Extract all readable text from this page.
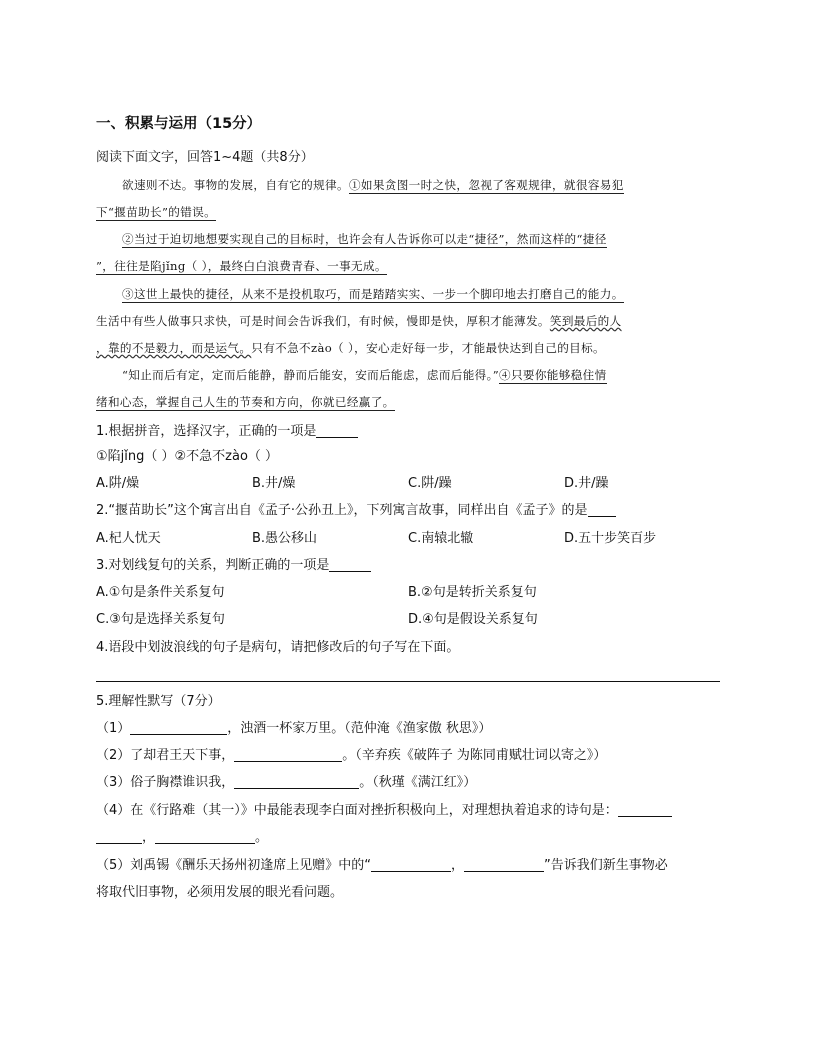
一、积累与运用（15分）
阅读下面文字，回答1~4题（共8分）
欲速则不达。事物的发展，自有它的规律。①如果贪图一时之快，忽视了客观规律，就很容易犯
下“揠苗助长”的错误。
②当过于迫切地想要实现自己的目标时，也许会有人告诉你可以走“捷径”，然而这样的“捷径
”，往往是陷jǐng（ ），最终白白浪费青春、一事无成。
③这世上最快的捷径，从来不是投机取巧，而是踏踏实实、一步一个脚印地去打磨自己的能力。
生活中有些人做事只求快，可是时间会告诉我们，有时候，慢即是快，厚积才能薄发。笑到最后的人
，靠的不是毅力，而是运气。只有不急不zào（ ），安心走好每一步，才能最快达到自己的目标。
“知止而后有定，定而后能静，静而后能安，安而后能虑，虑而后能得。”④只要你能够稳住情
绪和心态，掌握自己人生的节奏和方向，你就已经赢了。
1.根据拼音，选择汉字，正确的一项是
①陷jǐng（ ）②不急不zào（ ）
A.阱/燥	B.井/燥	C.阱/躁	D.井/躁
2.“揠苗助长”这个寓言出自《孟子·公孙丑上》，下列寓言故事，同样出自《孟子》的是
A.杞人忧天	B.愚公移山	C.南辕北辙	D.五十步笑百步
3.对划线复句的关系，判断正确的一项是
A.①句是条件关系复句	B.②句是转折关系复句
C.③句是选择关系复句	D.④句是假设关系复句
4.语段中划波浪线的句子是病句，请把修改后的句子写在下面。
5.理解性默写（7分）
（1）	，浊酒一杯家万里。（范仲淹《渔家傲 秋思》）
（2）了却君王天下事，	。（辛弃疾《破阵子 为陈同甫赋壮词以寄之》）
（3）俗子胸襟谁识我，	。（秋瑾《满江红》）
（4）在《行路难（其一）》中最能表现李白面对挫折积极向上，对理想执着追求的诗句是：
，	。
（5）刘禹锡《酬乐天扬州初逢席上见赠》中的“	，	”告诉我们新生事物必
将取代旧事物，必须用发展的眼光看问题。
